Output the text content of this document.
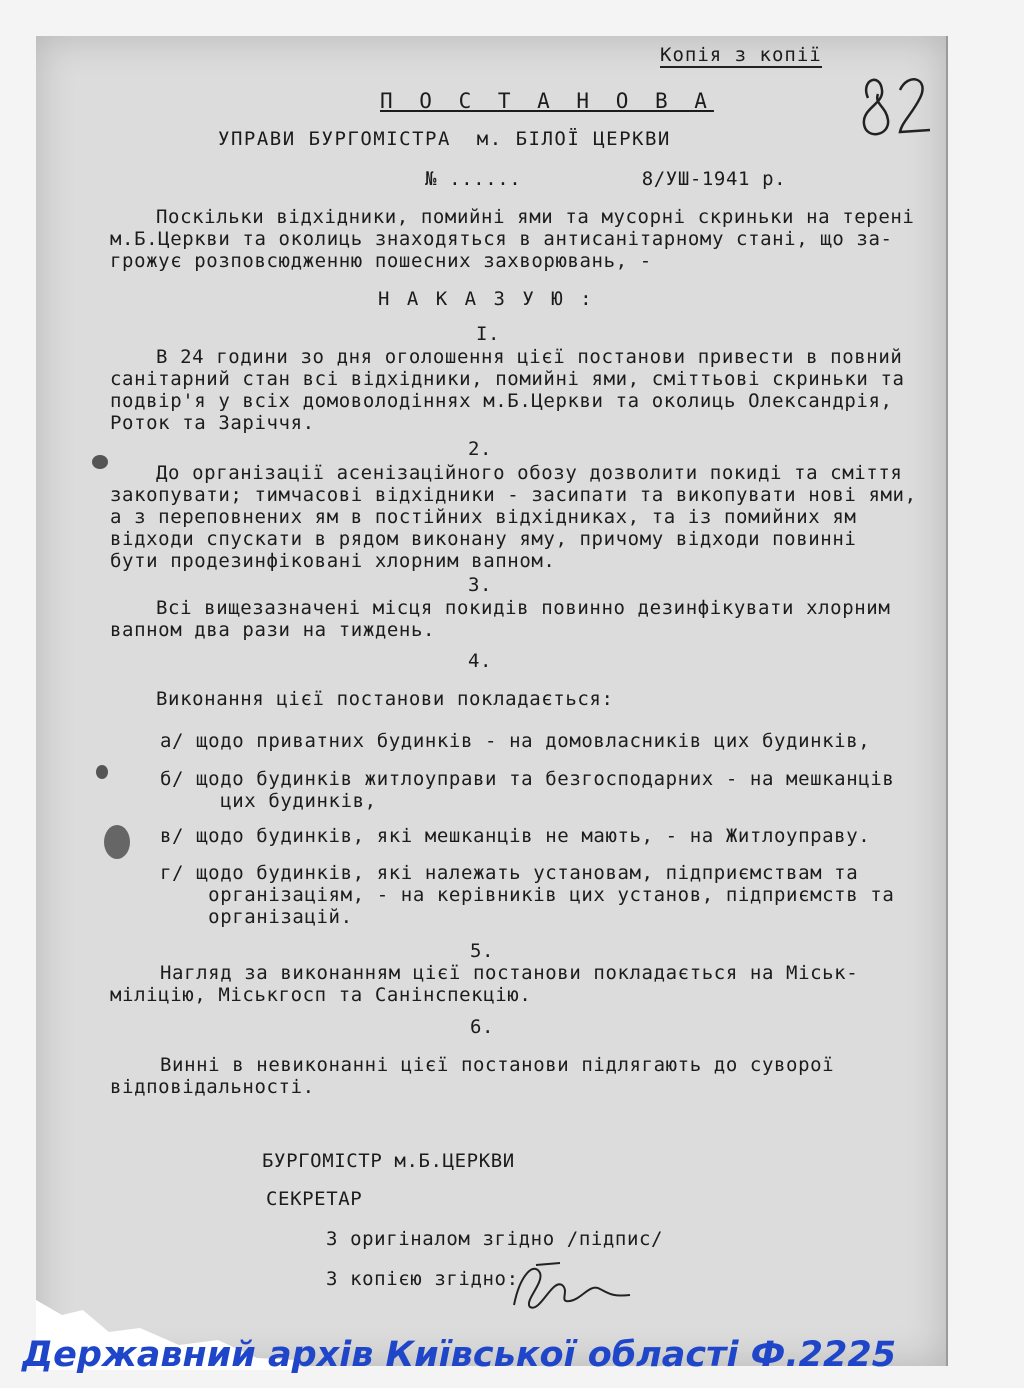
Копія з копії
П О С Т А Н О В А
УПРАВИ БУРГОМІСТРА  м. БІЛОЇ ЦЕРКВИ
№ ......          8/УШ-1941 р.
Поскільки відхідники, помийні ями та мусорні скриньки на терені
м.Б.Церкви та околиць знаходяться в антисанітарному стані, що за-
грожує розповсюдженню пошесних захворювань, -
Н А К А З У Ю :
I.
В 24 години зо дня оголошення цієї постанови привести в повний
санітарний стан всі відхідники, помийні ями, сміттьові скриньки та
подвір'я у всіх домоволодіннях м.Б.Церкви та околиць Олександрія,
Роток та Заріччя.
2.
До організації асенізаційного обозу дозволити покиді та сміття
закопувати; тимчасові відхідники - засипати та викопувати нові ями,
а з переповнених ям в постійних відхідниках, та із помийних ям
відходи спускати в рядом виконану яму, причому відходи повинні
бути продезинфіковані хлорним вапном.
3.
Всі вищезазначені місця покидів повинно дезинфікувати хлорним
вапном два рази на тиждень.
4.
Виконання цієї постанови покладається:
а/ щодо приватних будинків - на домовласників цих будинків,
б/ щодо будинків житлоуправи та безгосподарних - на мешканців
цих будинків,
в/ щодо будинків, які мешканців не мають, - на Житлоуправу.
г/ щодо будинків, які належать установам, підприємствам та
організаціям, - на керівників цих установ, підприємств та
організацій.
5.
Нагляд за виконанням цієї постанови покладається на Міськ-
міліцію, Міськгосп та Санінспекцію.
6.
Винні в невиконанні цієї постанови підлягають до суворої
відповідальності.
БУРГОМІСТР м.Б.ЦЕРКВИ
СЕКРЕТАР
З оригіналом згідно /підпис/
З копією згідно:
Державний архів Київської області Ф.2225
